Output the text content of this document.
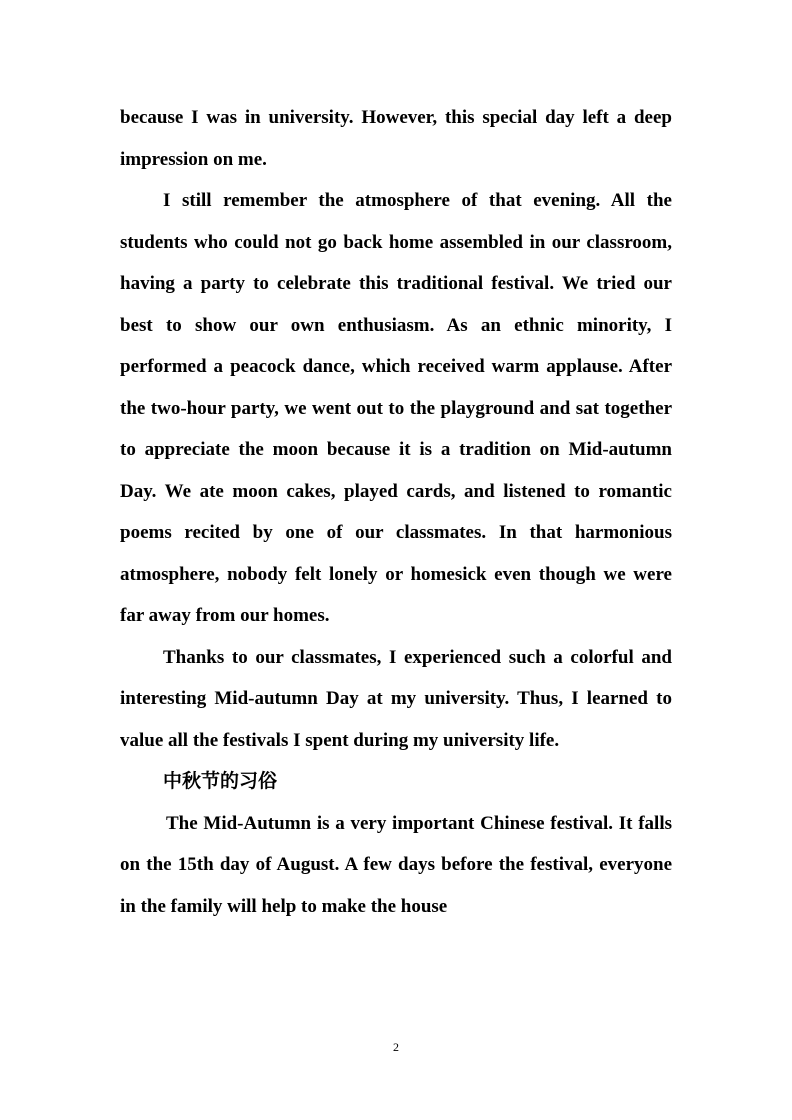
because I was in university. However, this special day left a deep impression on me.

I still remember the atmosphere of that evening. All the students who could not go back home assembled in our classroom, having a party to celebrate this traditional festival. We tried our best to show our own enthusiasm. As an ethnic minority, I performed a peacock dance, which received warm applause. After the two-hour party, we went out to the playground and sat together to appreciate the moon because it is a tradition on Mid-autumn Day. We ate moon cakes, played cards, and listened to romantic poems recited by one of our classmates. In that harmonious atmosphere, nobody felt lonely or homesick even though we were far away from our homes.

Thanks to our classmates, I experienced such a colorful and interesting Mid-autumn Day at my university. Thus, I learned to value all the festivals I spent during my university life.

中秋节的习俗

The Mid-Autumn is a very important Chinese festival. It falls on the 15th day of August. A few days before the festival, everyone in the family will help to make the house

2
